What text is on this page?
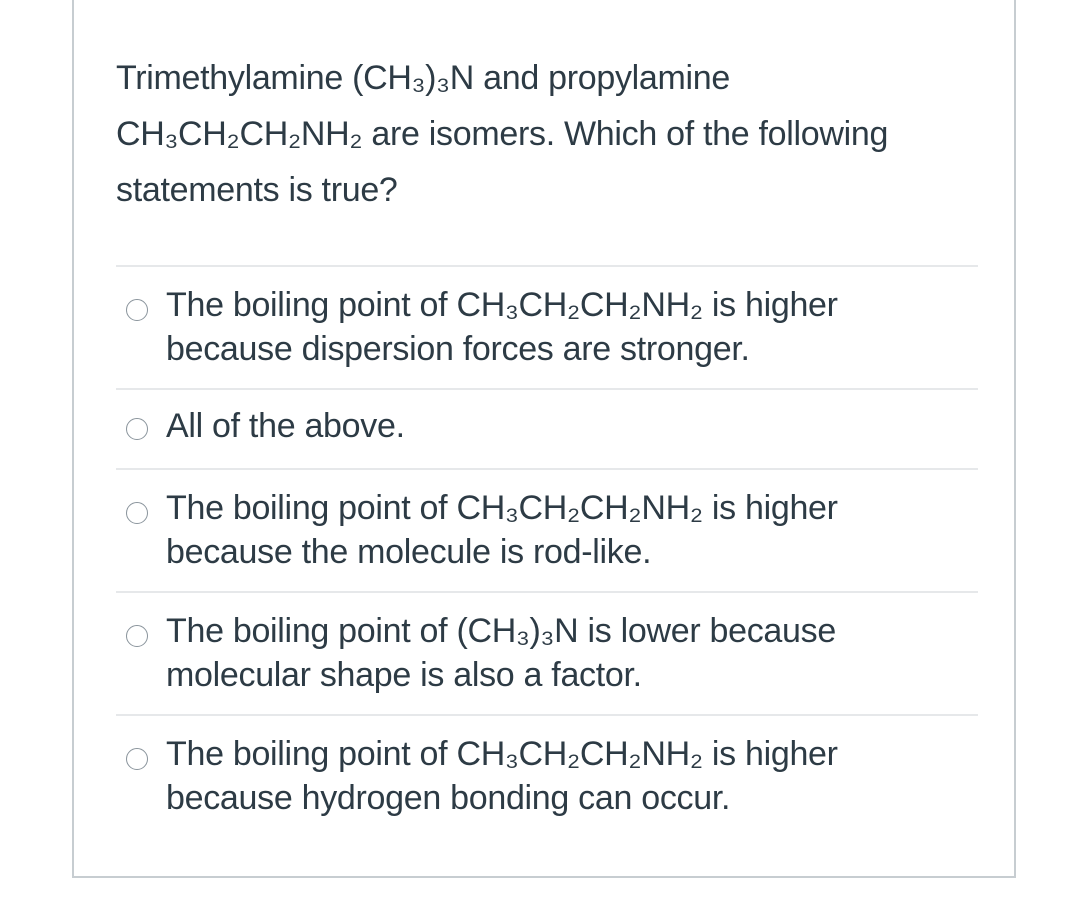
Trimethylamine (CH₃)₃N and propylamine
CH₃CH₂CH₂NH₂ are isomers. Which of the following
statements is true?
The boiling point of CH₃CH₂CH₂NH₂ is higher
because dispersion forces are stronger.
All of the above.
The boiling point of CH₃CH₂CH₂NH₂ is higher
because the molecule is rod-like.
The boiling point of (CH₃)₃N is lower because
molecular shape is also a factor.
The boiling point of CH₃CH₂CH₂NH₂ is higher
because hydrogen bonding can occur.
